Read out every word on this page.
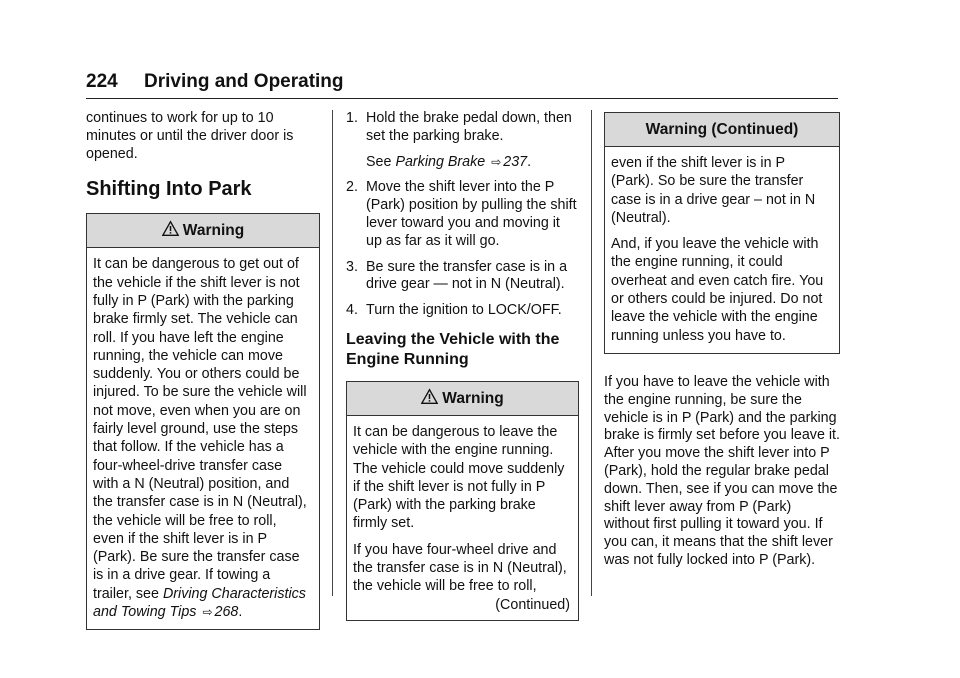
224 Driving and Operating

continues to work for up to 10 minutes or until the driver door is opened.

Shifting Into Park
Warning

It can be dangerous to get out of the vehicle if the shift lever is not fully in P (Park) with the parking brake firmly set. The vehicle can roll. If you have left the engine running, the vehicle can move suddenly. You or others could be injured. To be sure the vehicle will not move, even when you are on fairly level ground, use the steps that follow. If the vehicle has a four-wheel-drive transfer case with a N (Neutral) position, and the transfer case is in N (Neutral), the vehicle will be free to roll, even if the shift lever is in P (Park). Be sure the transfer case is in a drive gear. If towing a trailer, see Driving Characteristics and Towing Tips ⇨ 268.

1. Hold the brake pedal down, then set the parking brake.

See Parking Brake ⇨ 237.

2. Move the shift lever into the P (Park) position by pulling the shift lever toward you and moving it up as far as it will go.
3. Be sure the transfer case is in a drive gear — not in N (Neutral).
4. Turn the ignition to LOCK/OFF.
Leaving the Vehicle with the Engine Running
Warning

It can be dangerous to leave the vehicle with the engine running. The vehicle could move suddenly if the shift lever is not fully in P (Park) with the parking brake firmly set.

If you have four-wheel drive and the transfer case is in N (Neutral), the vehicle will be free to roll,

(Continued)
Warning (Continued)

even if the shift lever is in P (Park). So be sure the transfer case is in a drive gear – not in N (Neutral).

And, if you leave the vehicle with the engine running, it could overheat and even catch fire. You or others could be injured. Do not leave the vehicle with the engine running unless you have to.

If you have to leave the vehicle with the engine running, be sure the vehicle is in P (Park) and the parking brake is firmly set before you leave it. After you move the shift lever into P (Park), hold the regular brake pedal down. Then, see if you can move the shift lever away from P (Park) without first pulling it toward you. If you can, it means that the shift lever was not fully locked into P (Park).
